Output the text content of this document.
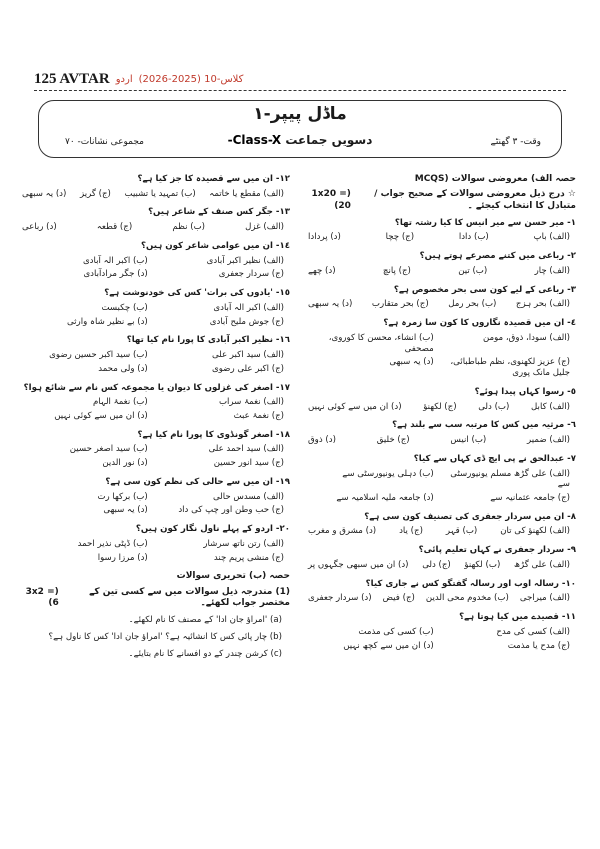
125 AVTAR اردو کلاس-10 (2025-2026)
ماڈل پیپر-۱
دسویں جماعت Class-X-	وقت- ۳ گھنٹے
مجموعی نشانات- ۷۰
حصہ الف) معروضی سوالات (MCQS
☆ درج ذیل معروضی سوالات کے صحیح جواب /متبادل کا انتخاب کیجئے ۔
(1x20 = 20)
١- میر حسن سے میر انیس کا کیا رشتہ تھا؟
(الف) باپ
(ب) دادا
(ج) چچا
(د) پردادا
٢- رباعی میں کتنے مصرعے ہوتے ہیں؟
(الف) چار
(ب) تین
(ج) پانچ
(د) چھے
٣- رباعی کے لیے کون سی بحر مخصوص ہے؟
(الف) بحر ہزج
(ب) بحر رمل
(ج) بحر متقارب
(د) یہ سبھی
٤- ان میں قصیدہ نگاروں کا کون سا زمرہ ہے؟
(الف) سودا، ذوق، مومن
(ب) انشاء، محسن کا کوروی، مصحفی
(ج) عزیز لکھنوی، نظم طباطبائی، جلیل مانک پوری
(د) یہ سبھی
٥- رسوا کہاں پیدا ہوئے؟
(الف) کابل
(ب) دلی
(ج) لکھنؤ
(د) ان میں سے کوئی نہیں
٦- مرثیہ میں کس کا مرتبہ سب سے بلند ہے؟
(الف) ضمیر
(ب) انیس
(ج) خلیق
(د) ذوق
٧- عبدالحق نے پی ایچ ڈی کہاں سے کیا؟
(الف) علی گڑھ مسلم یونیورسٹی سے
(ب) دہلی یونیورسٹی سے
(ج) جامعہ عثمانیہ سے
(د) جامعہ ملیہ اسلامیہ سے
٨- ان میں سردار جعفری کی تصنیف کون سی ہے؟
(الف) لکھنؤ کی تان
(ب) قہر
(ج) یاد
(د) مشرق و مغرب
٩- سردار جعفری نے کہاں تعلیم پائی؟
(الف) علی گڑھ
(ب) لکھنؤ
(ج) دلی
(د) ان میں سبھی جگہوں پر
١٠- رسالہ اوب اور رسالہ گفتگو کس نے جاری کیا؟
(الف) میراجی
(ب) مخدوم محی الدین
(ج) فیض
(د) سردار جعفری
١١- قصیدے میں کیا ہوتا ہے؟
(الف) کسی کی مدح
(ب) کسی کی مذمت
(ج) مدح یا مذمت
(د) ان میں سے کچھ نہیں
١٢- ان میں سے قصیدہ کا جز کیا ہے؟
(الف) مقطع یا خاتمہ
(ب) تمہید یا تشبیب
(ج) گریز
(د) یہ سبھی
١٣- جگر کس صنف کے شاعر ہیں؟
(الف) غزل
(ب) نظم
(ج) قطعہ
(د) رباعی
١٤- ان میں عوامی شاعر کون ہیں؟
(الف) نظیر اکبر آبادی
(ب) اکبر الہ آبادی
(ج) سردار جعفری
(د) جگر مرادآبادی
١٥- 'یادوں کی برات' کس کی خودنوشت ہے؟
(الف) اکبر الہ آبادی
(ب) چکبست
(ج) جوش ملیح آبادی
(د) بے نظیر شاہ وارثی
١٦- نظیر اکبر آبادی کا پورا نام کیا تھا؟
(الف) سید اکبر علی
(ب) سید اکبر حسین رضوی
(ج) اکبر علی رضوی
(د) ولی محمد
١٧- اصغر کی غزلوں کا دیوان یا مجموعہ کس نام سے شائع ہوا؟
(الف) نغمۂ سراب
(ب) نغمۂ الہام
(ج) نغمۂ عبث
(د) ان میں سے کوئی نہیں
١٨- اصغر گونڈوی کا پورا نام کیا ہے؟
(الف) سید احمد علی
(ب) سید اصغر حسین
(ج) سید انور حسین
(د) نور الدین
١٩- ان میں سے حالی کی نظم کون سی ہے؟
(الف) مسدس حالی
(ب) برکھا رت
(ج) حب وطن اور چپ کی داد
(د) یہ سبھی
٢٠- اردو کے پہلے ناول نگار کون ہیں؟
(الف) رتن ناتھ سرشار
(ب) ڈپٹی نذیر احمد
(ج) منشی پریم چند
(د) مرزا رسوا
حصہ (ب) تحریری سوالات
(1) مندرجہ ذیل سوالات میں سے کسی تین کے مختصر جواب لکھئے۔
(3x2 = 6)
(a) 'امراؤ جان ادا' کے مصنف کا نام لکھئے۔
(b) چار پائی کس کا انشائیہ ہے؟ 'امراؤ جان ادا' کس کا ناول ہے؟
(c) کرشن چندر کے دو افسانے کا نام بتایئے۔
